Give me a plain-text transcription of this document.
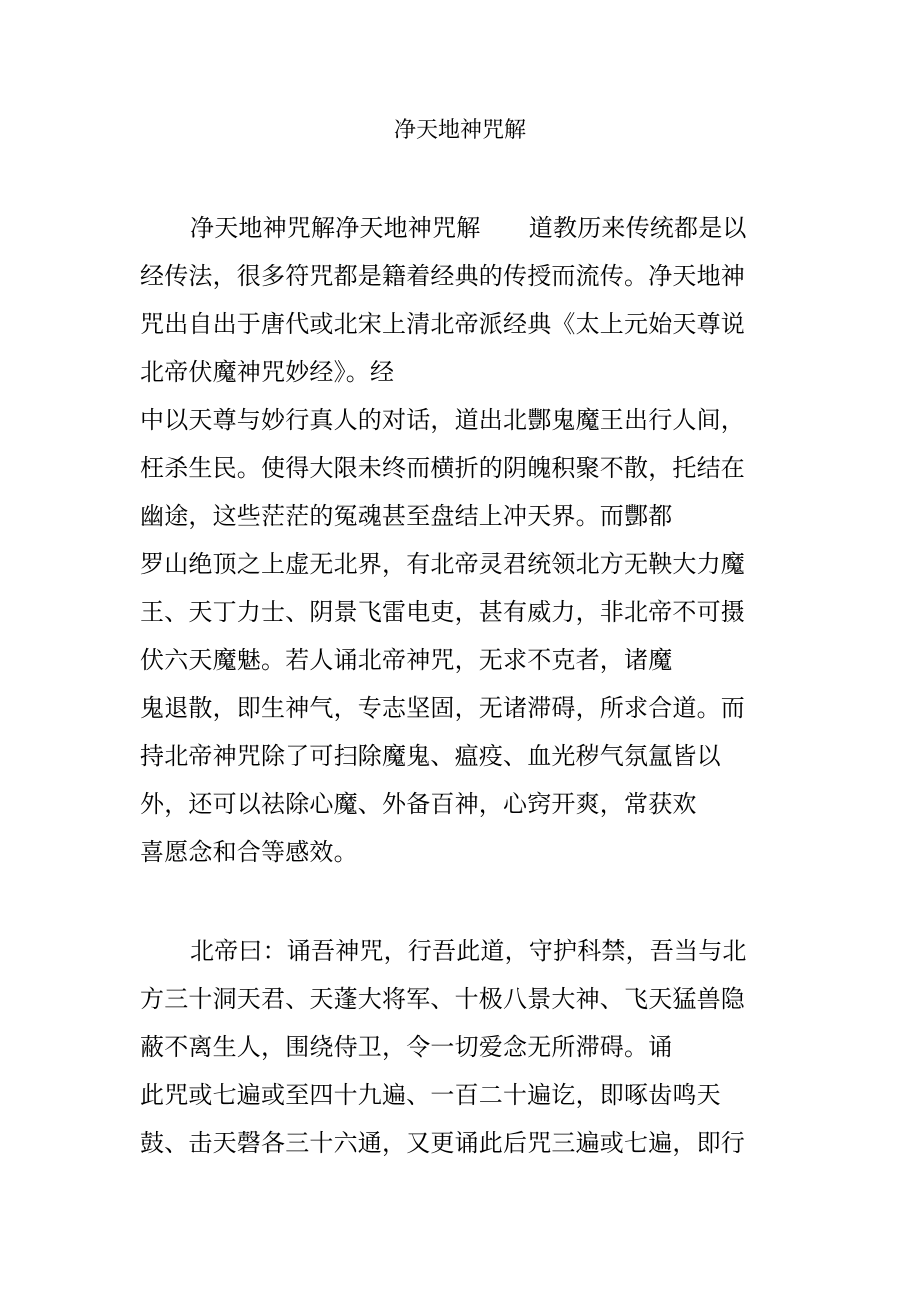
净天地神咒解
净天地神咒解净天地神咒解　　道教历来传统都是以
经传法，很多符咒都是籍着经典的传授而流传。净天地神
咒出自出于唐代或北宋上清北帝派经典《太上元始天尊说
北帝伏魔神咒妙经》。经
中以天尊与妙行真人的对话，道出北酆鬼魔王出行人间，
枉杀生民。使得大限未终而横折的阴魄积聚不散，托结在
幽途，这些茫茫的冤魂甚至盘结上冲天界。而酆都
罗山绝顶之上虚无北界，有北帝灵君统领北方无鞅大力魔
王、天丁力士、阴景飞雷电吏，甚有威力，非北帝不可摄
伏六天魔魅。若人诵北帝神咒，无求不克者，诸魔
鬼退散，即生神气，专志坚固，无诸滞碍，所求合道。而
持北帝神咒除了可扫除魔鬼、瘟疫、血光秽气氛氲皆以
外，还可以祛除心魔、外备百神，心窍开爽，常获欢
喜愿念和合等感效。
北帝曰：诵吾神咒，行吾此道，守护科禁，吾当与北
方三十洞天君、天蓬大将军、十极八景大神、飞天猛兽隐
蔽不离生人，围绕侍卫，令一切爱念无所滞碍。诵
此咒或七遍或至四十九遍、一百二十遍讫，即啄齿鸣天
鼓、击天磬各三十六通，又更诵此后咒三遍或七遍，即行
